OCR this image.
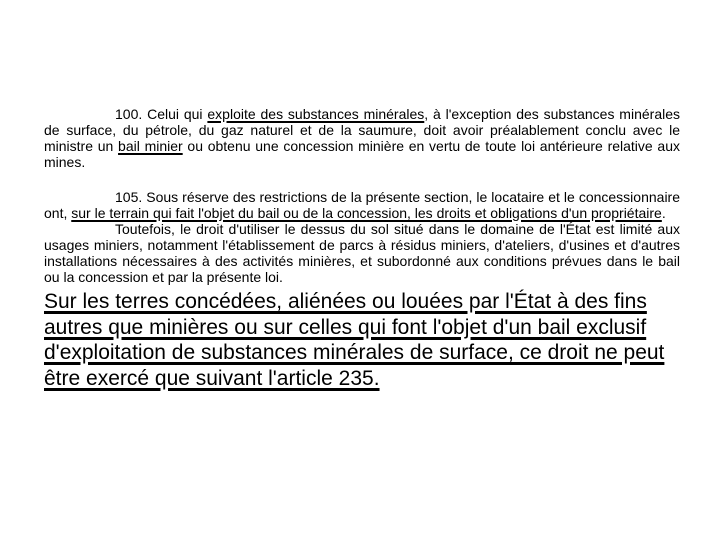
100. Celui qui exploite des substances minérales, à l'exception des substances minérales de surface, du pétrole, du gaz naturel et de la saumure, doit avoir préalablement conclu avec le ministre un bail minier ou obtenu une concession minière en vertu de toute loi antérieure relative aux mines.

105. Sous réserve des restrictions de la présente section, le locataire et le concessionnaire ont, sur le terrain qui fait l'objet du bail ou de la concession, les droits et obligations d'un propriétaire.

Toutefois, le droit d'utiliser le dessus du sol situé dans le domaine de l'État est limité aux usages miniers, notamment l'établissement de parcs à résidus miniers, d'ateliers, d'usines et d'autres installations nécessaires à des activités minières, et subordonné aux conditions prévues dans le bail ou la concession et par la présente loi.

Sur les terres concédées, aliénées ou louées par l'État à des fins autres que minières ou sur celles qui font l'objet d'un bail exclusif d'exploitation de substances minérales de surface, ce droit ne peut être exercé que suivant l'article 235.
